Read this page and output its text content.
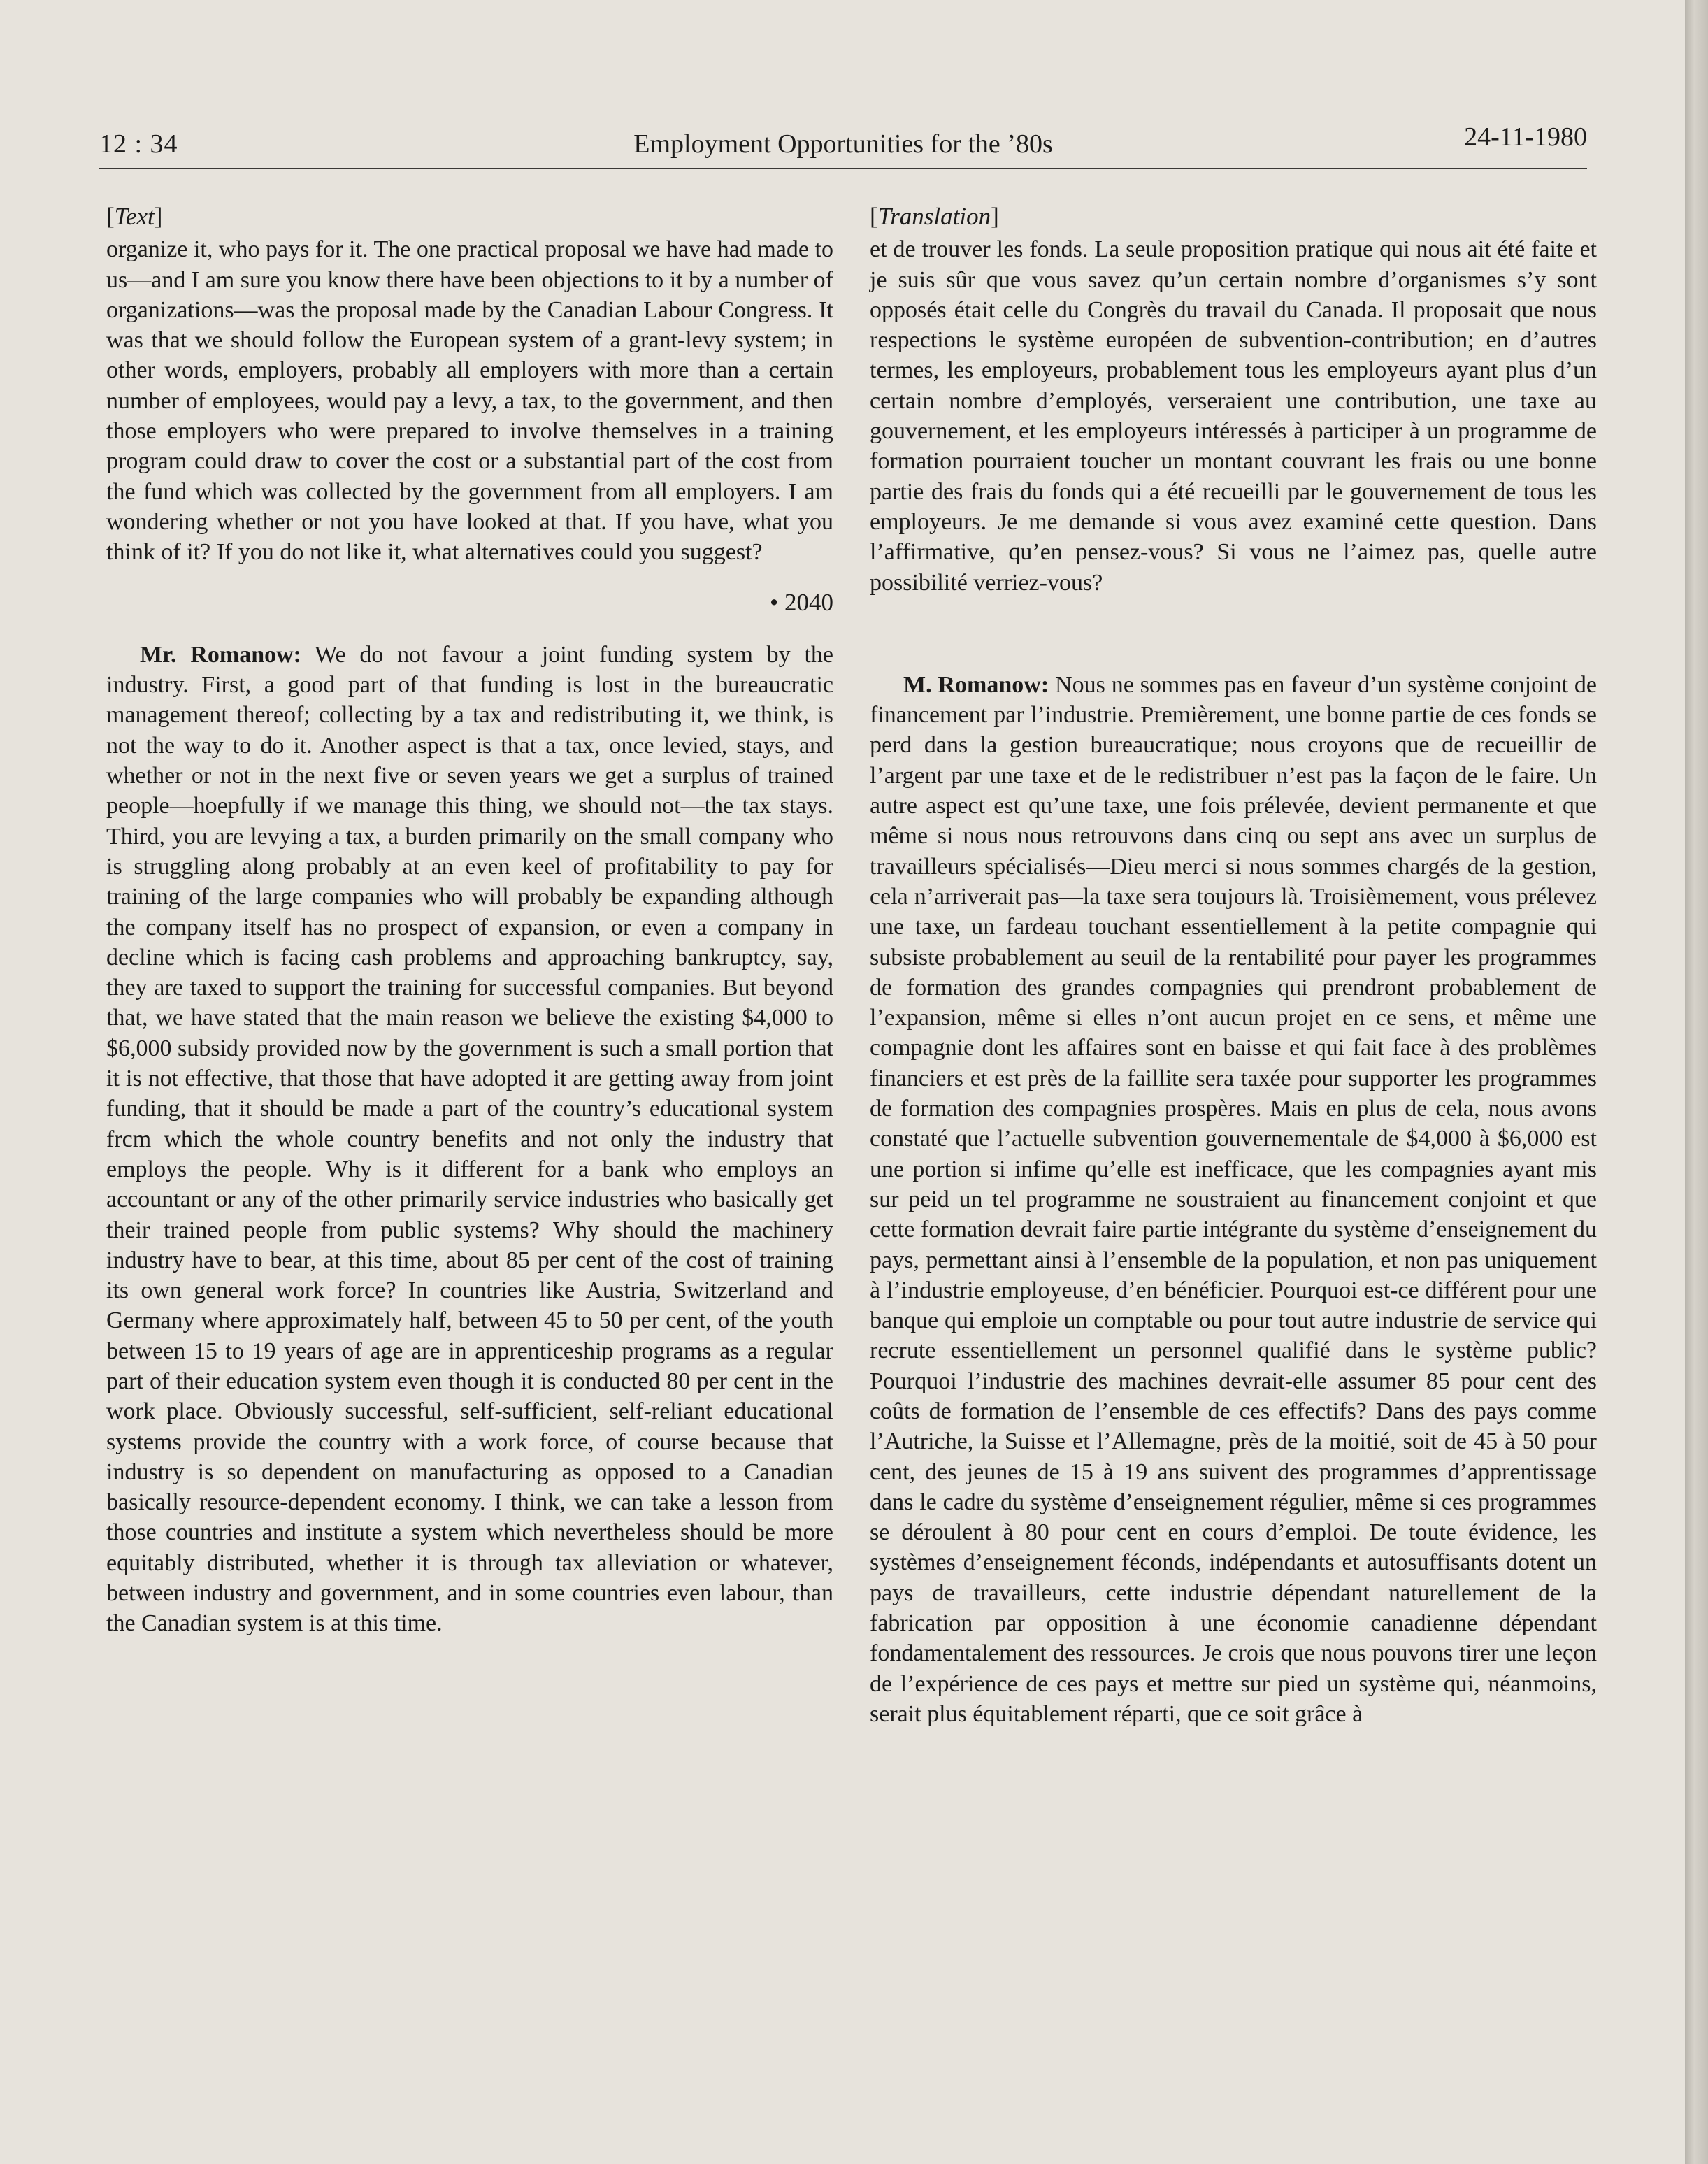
12 : 34	Employment Opportunities for the ’80s	24-11-1980
[Text]

organize it, who pays for it. The one practical proposal we have had made to us—and I am sure you know there have been objections to it by a number of organizations—was the proposal made by the Canadian Labour Congress. It was that we should follow the European system of a grant-levy system; in other words, employers, probably all employers with more than a certain number of employees, would pay a levy, a tax, to the government, and then those employers who were prepared to involve themselves in a training program could draw to cover the cost or a substantial part of the cost from the fund which was collected by the government from all employers. I am wondering whether or not you have looked at that. If you have, what you think of it? If you do not like it, what alternatives could you suggest?

• 2040

Mr. Romanow: We do not favour a joint funding system by the industry. First, a good part of that funding is lost in the bureaucratic management thereof; collecting by a tax and redistributing it, we think, is not the way to do it. Another aspect is that a tax, once levied, stays, and whether or not in the next five or seven years we get a surplus of trained people—hoepfully if we manage this thing, we should not—the tax stays. Third, you are levying a tax, a burden primarily on the small company who is struggling along probably at an even keel of profitability to pay for training of the large companies who will probably be expanding although the company itself has no prospect of expansion, or even a company in decline which is facing cash problems and approaching bankruptcy, say, they are taxed to support the training for successful companies. But beyond that, we have stated that the main reason we believe the existing $4,000 to $6,000 subsidy provided now by the government is such a small portion that it is not effective, that those that have adopted it are getting away from joint funding, that it should be made a part of the country’s educational system frcm which the whole country benefits and not only the industry that employs the people. Why is it different for a bank who employs an accountant or any of the other primarily service industries who basically get their trained people from public systems? Why should the machinery industry have to bear, at this time, about 85 per cent of the cost of training its own general work force? In countries like Austria, Switzerland and Germany where approximately half, between 45 to 50 per cent, of the youth between 15 to 19 years of age are in apprenticeship programs as a regular part of their education system even though it is conducted 80 per cent in the work place. Obviously successful, self-sufficient, self-reliant educational systems provide the country with a work force, of course because that industry is so dependent on manufacturing as opposed to a Canadian basically resource-dependent economy. I think, we can take a lesson from those countries and institute a system which nevertheless should be more equitably distributed, whether it is through tax alleviation or whatever, between industry and government, and in some countries even labour, than the Canadian system is at this time.

[Translation]

et de trouver les fonds. La seule proposition pratique qui nous ait été faite et je suis sûr que vous savez qu’un certain nombre d’organismes s’y sont opposés était celle du Congrès du travail du Canada. Il proposait que nous respections le système européen de subvention-contribution; en d’autres termes, les employeurs, probablement tous les employeurs ayant plus d’un certain nombre d’employés, verseraient une contribution, une taxe au gouvernement, et les employeurs intéressés à participer à un programme de formation pourraient toucher un montant couvrant les frais ou une bonne partie des frais du fonds qui a été recueilli par le gouvernement de tous les employeurs. Je me demande si vous avez examiné cette question. Dans l’affirmative, qu’en pensez-vous? Si vous ne l’aimez pas, quelle autre possibilité verriez-vous?

M. Romanow: Nous ne sommes pas en faveur d’un système conjoint de financement par l’industrie. Premièrement, une bonne partie de ces fonds se perd dans la gestion bureaucratique; nous croyons que de recueillir de l’argent par une taxe et de le redistribuer n’est pas la façon de le faire. Un autre aspect est qu’une taxe, une fois prélevée, devient permanente et que même si nous nous retrouvons dans cinq ou sept ans avec un surplus de travailleurs spécialisés—Dieu merci si nous sommes chargés de la gestion, cela n’arriverait pas—la taxe sera toujours là. Troisièmement, vous prélevez une taxe, un fardeau touchant essentiellement à la petite compagnie qui subsiste probablement au seuil de la rentabilité pour payer les programmes de formation des grandes compagnies qui prendront probablement de l’expansion, même si elles n’ont aucun projet en ce sens, et même une compagnie dont les affaires sont en baisse et qui fait face à des problèmes financiers et est près de la faillite sera taxée pour supporter les programmes de formation des compagnies prospères. Mais en plus de cela, nous avons constaté que l’actuelle subvention gouvernementale de $4,000 à $6,000 est une portion si infime qu’elle est inefficace, que les compagnies ayant mis sur peid un tel programme ne soustraient au financement conjoint et que cette formation devrait faire partie intégrante du système d’enseignement du pays, permettant ainsi à l’ensemble de la population, et non pas uniquement à l’industrie employeuse, d’en bénéficier. Pourquoi est-ce différent pour une banque qui emploie un comptable ou pour tout autre industrie de service qui recrute essentiellement un personnel qualifié dans le système public? Pourquoi l’industrie des machines devrait-elle assumer 85 pour cent des coûts de formation de l’ensemble de ces effectifs? Dans des pays comme l’Autriche, la Suisse et l’Allemagne, près de la moitié, soit de 45 à 50 pour cent, des jeunes de 15 à 19 ans suivent des programmes d’apprentissage dans le cadre du système d’enseignement régulier, même si ces programmes se déroulent à 80 pour cent en cours d’emploi. De toute évidence, les systèmes d’enseignement féconds, indépendants et autosuffisants dotent un pays de travailleurs, cette industrie dépendant naturellement de la fabrication par opposition à une économie canadienne dépendant fondamentalement des ressources. Je crois que nous pouvons tirer une leçon de l’expérience de ces pays et mettre sur pied un système qui, néanmoins, serait plus équitablement réparti, que ce soit grâce à
